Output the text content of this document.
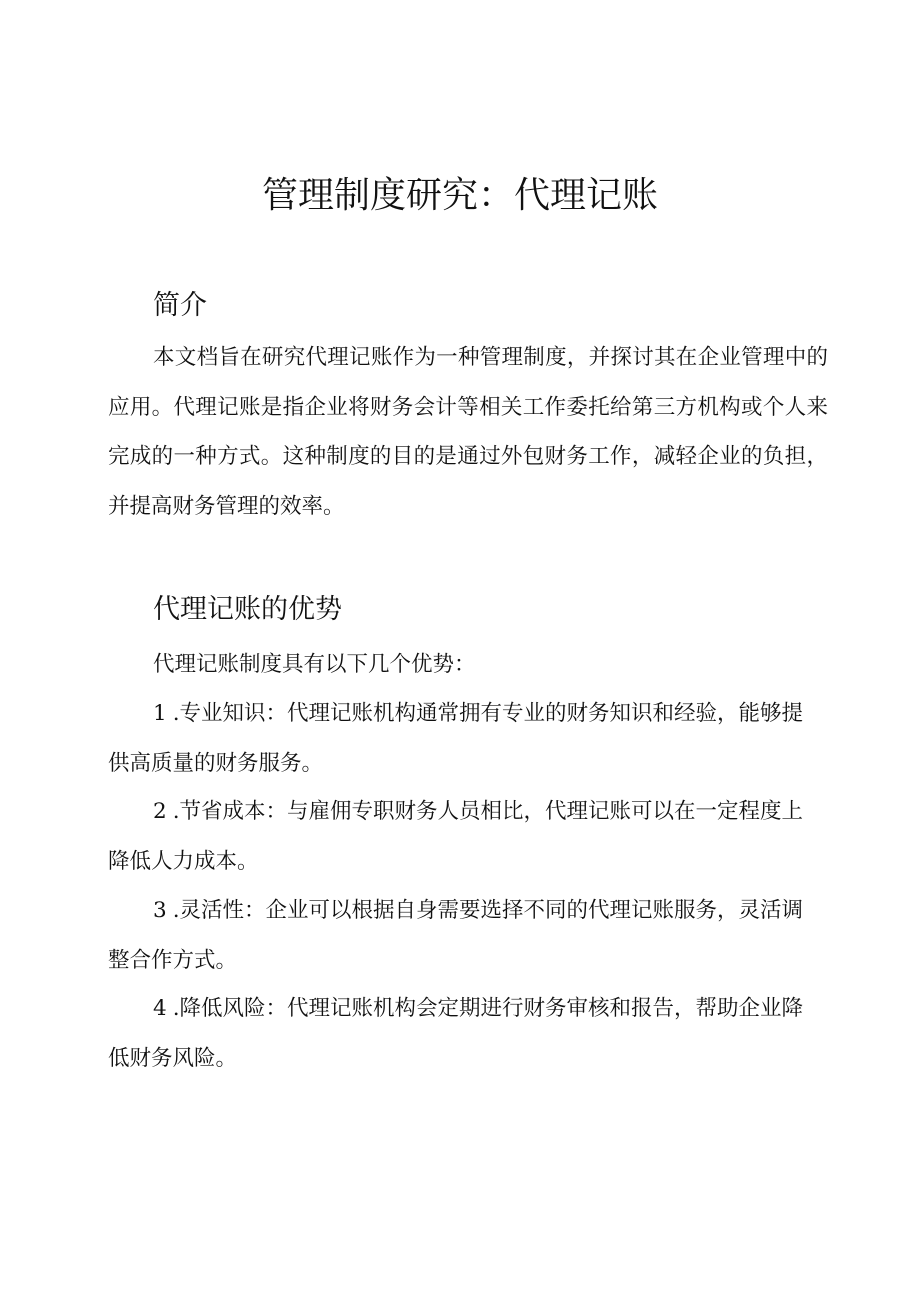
管理制度研究：代理记账
简介

本文档旨在研究代理记账作为一种管理制度，并探讨其在企业管理中的应用。代理记账是指企业将财务会计等相关工作委托给第三方机构或个人来完成的一种方式。这种制度的目的是通过外包财务工作，减轻企业的负担，并提高财务管理的效率。

代理记账的优势

代理记账制度具有以下几个优势：

1 .专业知识：代理记账机构通常拥有专业的财务知识和经验，能够提供高质量的财务服务。

2 .节省成本：与雇佣专职财务人员相比，代理记账可以在一定程度上降低人力成本。

3 .灵活性：企业可以根据自身需要选择不同的代理记账服务，灵活调整合作方式。

4 .降低风险：代理记账机构会定期进行财务审核和报告，帮助企业降低财务风险。
